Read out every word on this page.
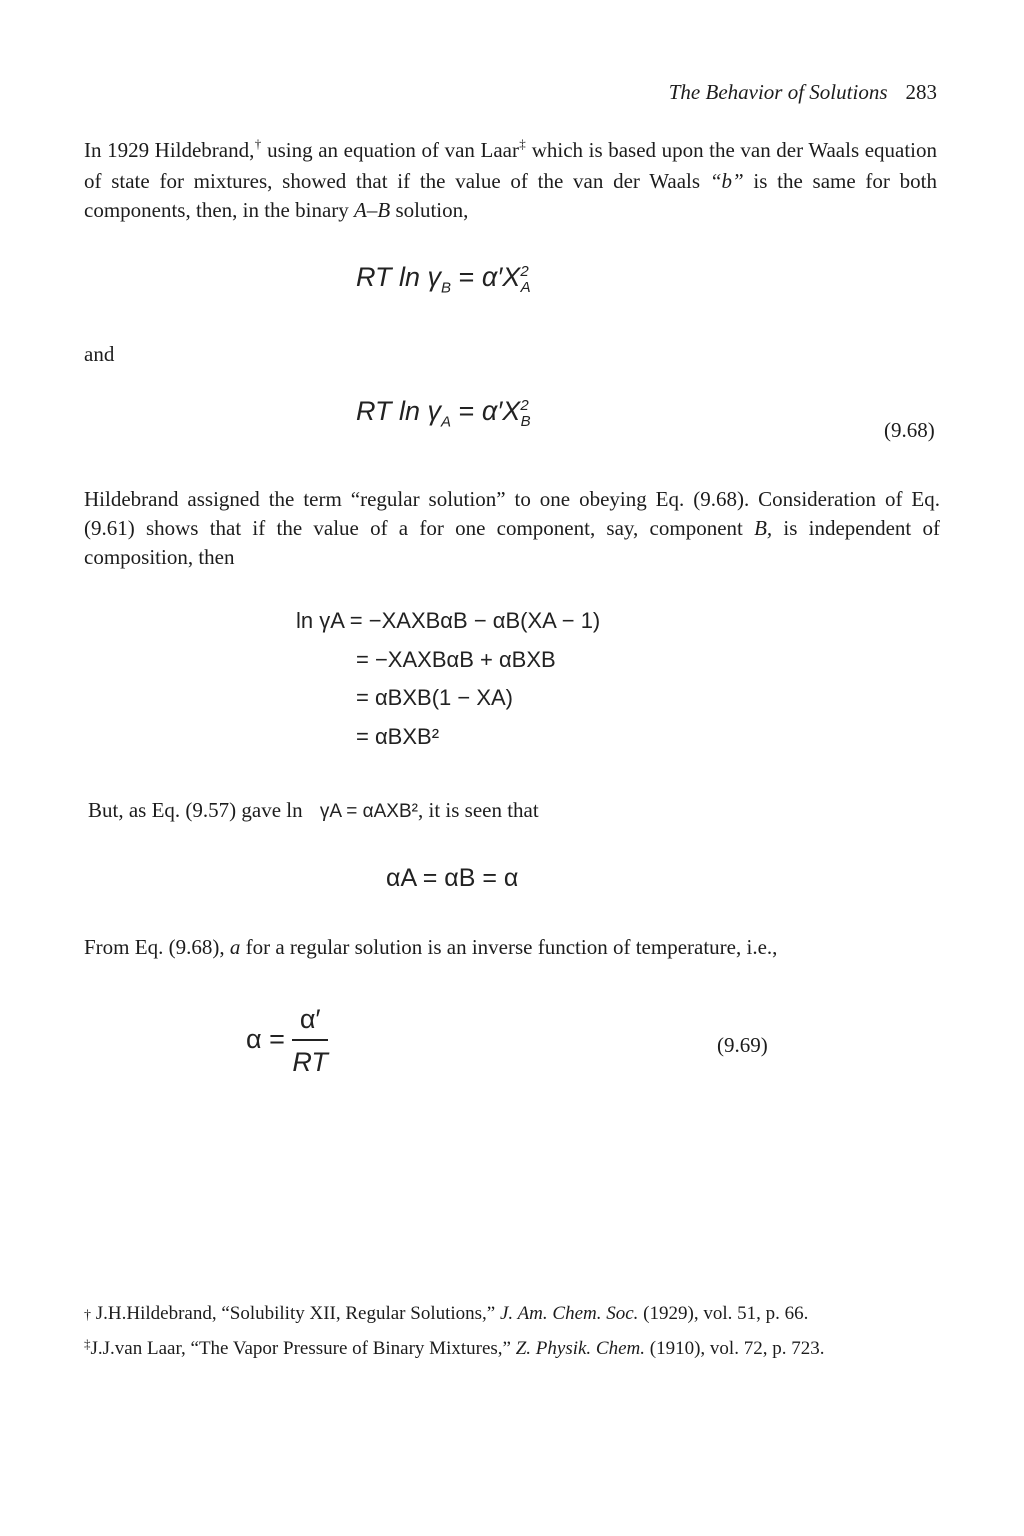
The Behavior of Solutions 283
In 1929 Hildebrand,† using an equation of van Laar‡ which is based upon the van der Waals equation of state for mixtures, showed that if the value of the van der Waals “b” is the same for both components, then, in the binary A–B solution,
RT $\ln \gamma_B = \alpha'X^2_A$
and
RT $\ln \gamma_A = \alpha'X^2_B$	(9.68)
Hildebrand assigned the term “regular solution” to one obeying Eq. (9.68). Consideration of Eq. (9.61) shows that if the value of a for one component, say, component B, is independent of composition, then
ln γA = −XAXBαB − αB(XA − 1)
= −XAXBαB + αBXB
= αBXB(1 − XA)
= αBXB²
But, as Eq. (9.57) gave ln γA = αAXB², it is seen that
αA = αB = α
From Eq. (9.68), a for a regular solution is an inverse function of temperature, i.e.,
$\alpha = \frac{\alpha'}{RT}$	(9.69)
† J.H.Hildebrand, “Solubility XII, Regular Solutions,” J. Am. Chem. Soc. (1929), vol. 51, p. 66.
‡J.J.van Laar, “The Vapor Pressure of Binary Mixtures,” Z. Physik. Chem. (1910), vol. 72, p. 723.
